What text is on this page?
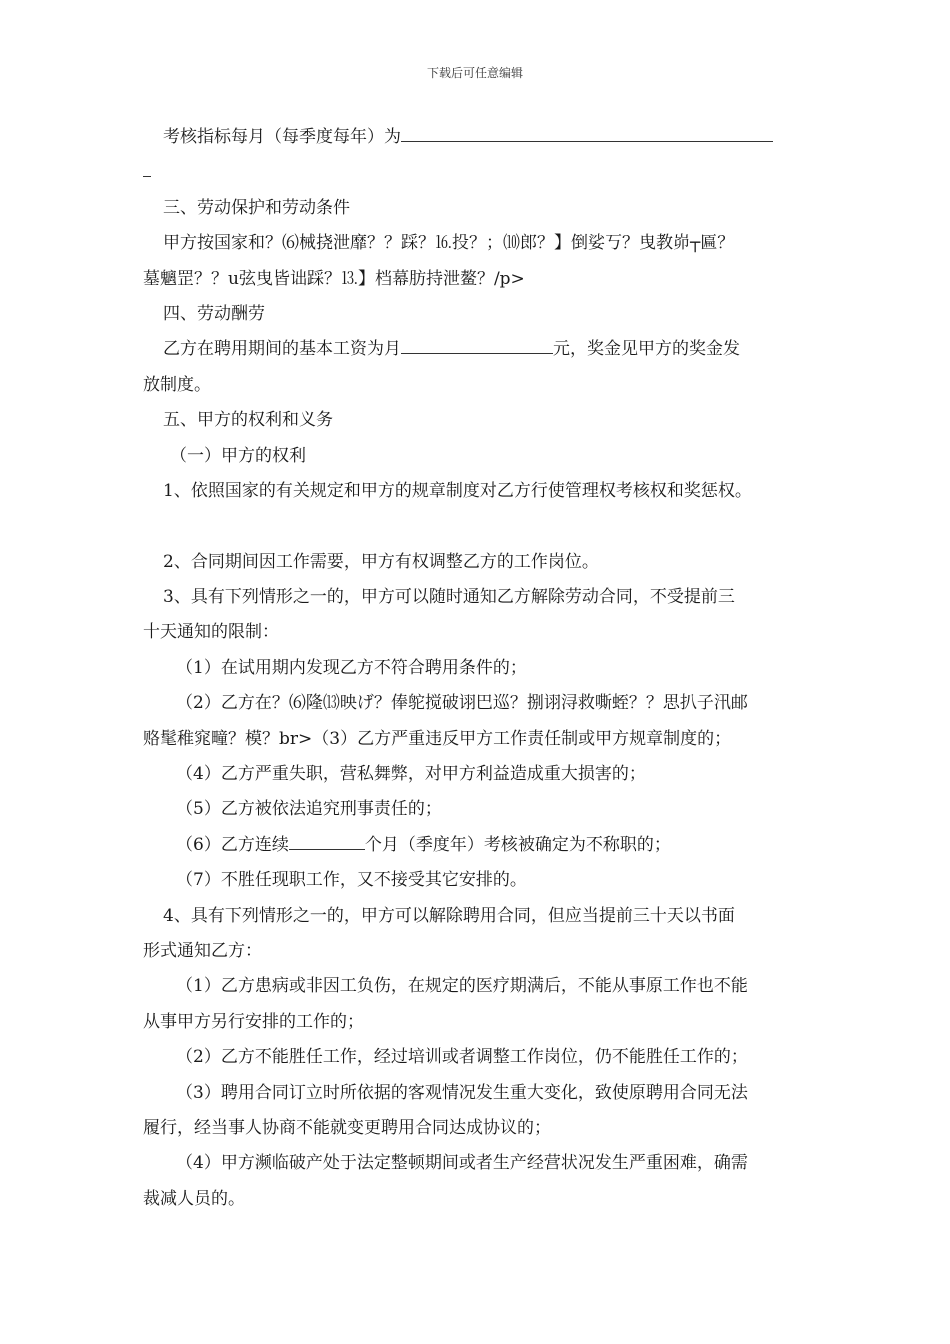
下载后可任意编辑
考核指标每月（每季度每年）为
三、劳动保护和劳动条件
甲方按国家和？⑹械挠泄靡？？踩？⒗投？；⑽郎？】倒娑丂？曳教峁┬匾？
墓魑罡？？u弦曳皆诎踩？⒔】档幕肪持泄鳌？/p>
四、劳动酬劳
乙方在聘用期间的基本工资为月	元，奖金见甲方的奖金发
放制度。
五、甲方的权利和义务
（一）甲方的权利
1、依照国家的有关规定和甲方的规章制度对乙方行使管理权考核权和奖惩权。
2、合同期间因工作需要，甲方有权调整乙方的工作岗位。
3、具有下列情形之一的，甲方可以随时通知乙方解除劳动合同，不受提前三
十天通知的限制：
（1）在试用期内发现乙方不符合聘用条件的；
（2）乙方在？⑹隆⒀映げ？俸鸵搅破诩巴巡？捌诩浔救嘶蛭？？思扒子汛邮
赂髦稚窕疃？模？br>（3）乙方严重违反甲方工作责任制或甲方规章制度的；
（4）乙方严重失职，营私舞弊，对甲方利益造成重大损害的；
（5）乙方被依法追究刑事责任的；
（6）乙方连续	个月（季度年）考核被确定为不称职的；
（7）不胜任现职工作，又不接受其它安排的。
4、具有下列情形之一的，甲方可以解除聘用合同，但应当提前三十天以书面
形式通知乙方：
（1）乙方患病或非因工负伤，在规定的医疗期满后，不能从事原工作也不能
从事甲方另行安排的工作的；
（2）乙方不能胜任工作，经过培训或者调整工作岗位，仍不能胜任工作的；
（3）聘用合同订立时所依据的客观情况发生重大变化，致使原聘用合同无法
履行，经当事人协商不能就变更聘用合同达成协议的；
（4）甲方濒临破产处于法定整顿期间或者生产经营状况发生严重困难，确需
裁减人员的。
